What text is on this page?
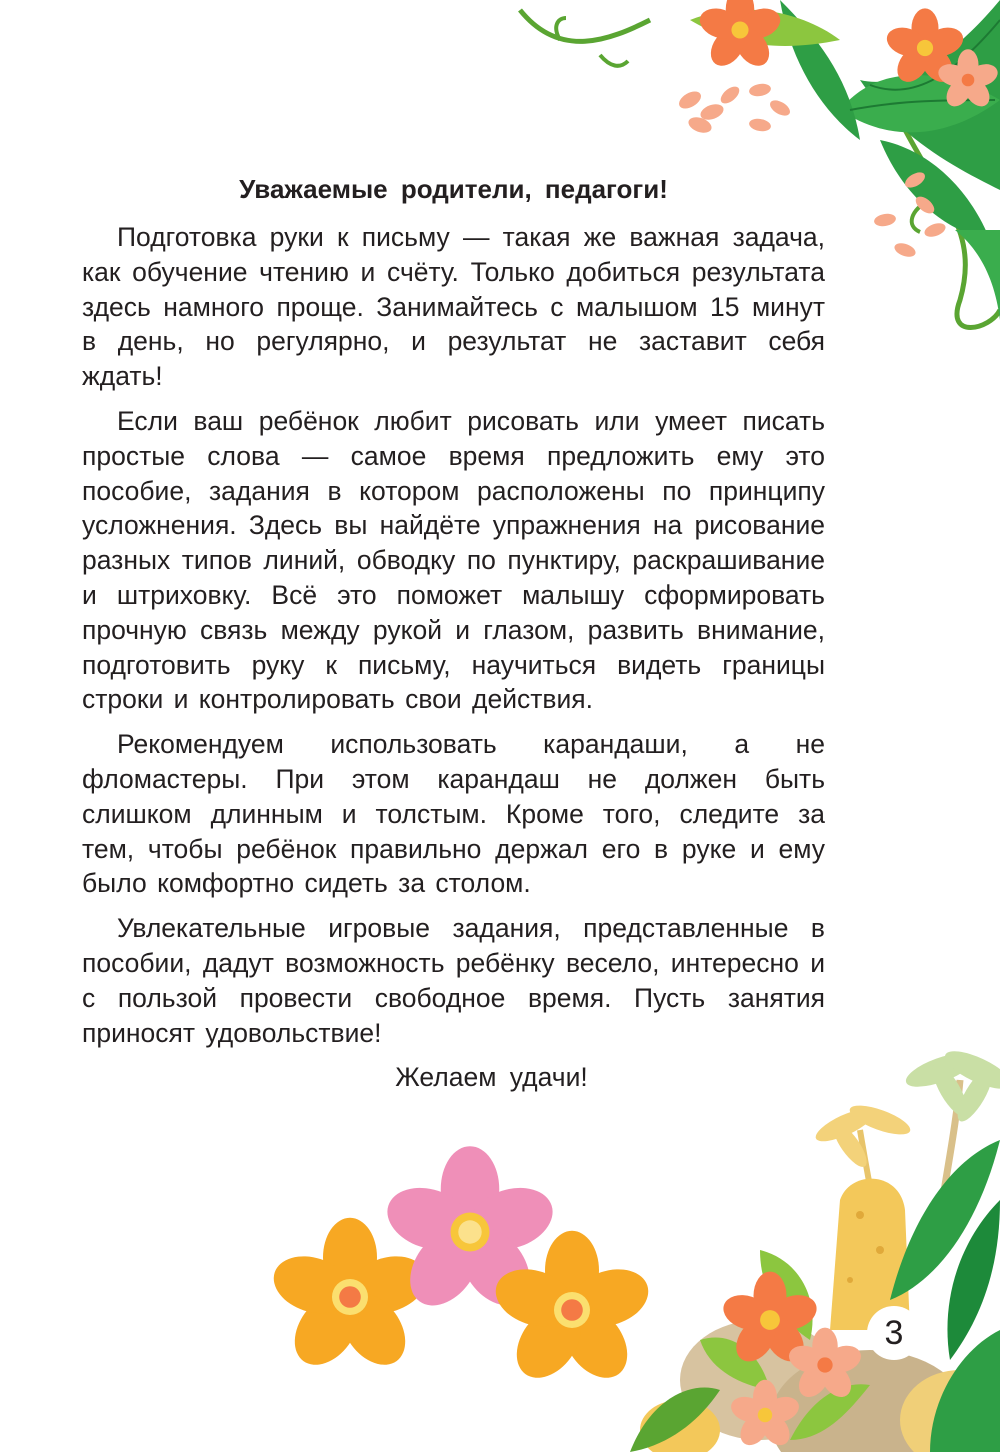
Уважаемые родители, педагоги!

Подготовка руки к письму — такая же важная задача, как обучение чтению и счёту. Только добиться результата здесь намного проще. Занимайтесь с малышом 15 минут в день, но регулярно, и результат не заставит себя ждать!

Если ваш ребёнок любит рисовать или умеет писать простые слова — самое время предложить ему это пособие, задания в котором расположены по принципу усложнения. Здесь вы найдёте упражнения на рисование разных типов линий, обводку по пунктиру, раскрашивание и штриховку. Всё это поможет малышу сформировать прочную связь между рукой и глазом, развить внимание, подготовить руку к письму, научиться видеть границы строки и контролировать свои действия.

Рекомендуем использовать карандаши, а не фломастеры. При этом карандаш не должен быть слишком длинным и толстым. Кроме того, следите за тем, чтобы ребёнок правильно держал его в руке и ему было комфортно сидеть за столом.

Увлекательные игровые задания, представленные в пособии, дадут возможность ребёнку весело, интересно и с пользой провести свободное время. Пусть занятия приносят удовольствие!

Желаем удачи!

3
